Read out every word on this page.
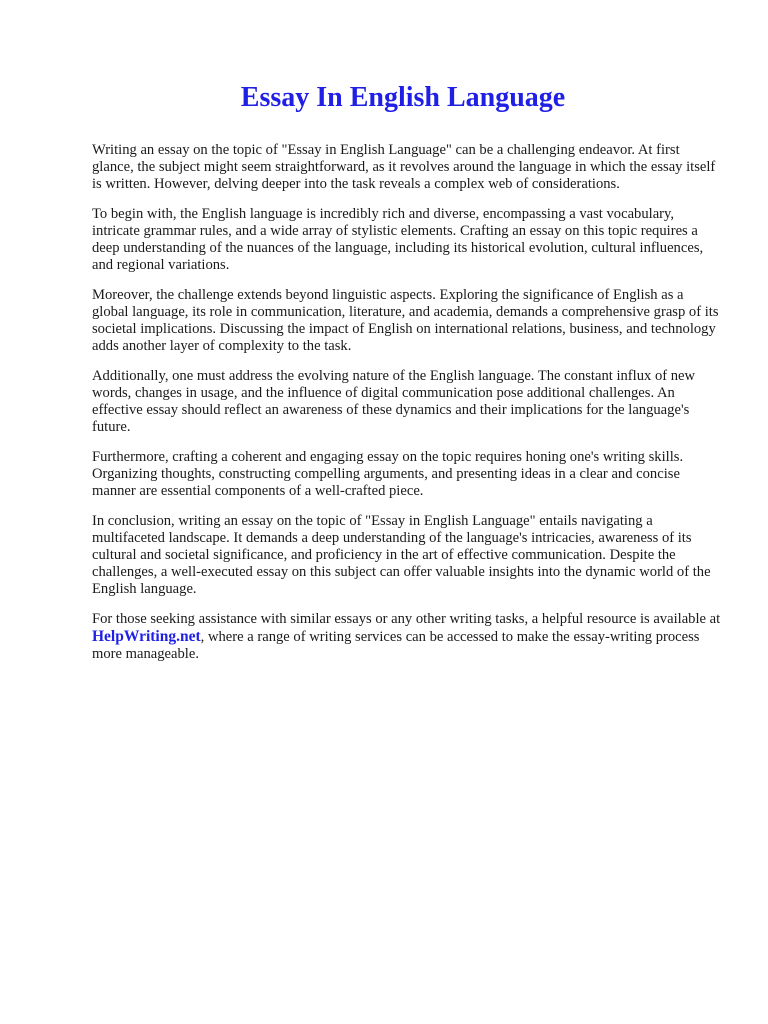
Essay In English Language

Writing an essay on the topic of "Essay in English Language" can be a challenging endeavor. At first glance, the subject might seem straightforward, as it revolves around the language in which the essay itself is written. However, delving deeper into the task reveals a complex web of considerations.

To begin with, the English language is incredibly rich and diverse, encompassing a vast vocabulary, intricate grammar rules, and a wide array of stylistic elements. Crafting an essay on this topic requires a deep understanding of the nuances of the language, including its historical evolution, cultural influences, and regional variations.

Moreover, the challenge extends beyond linguistic aspects. Exploring the significance of English as a global language, its role in communication, literature, and academia, demands a comprehensive grasp of its societal implications. Discussing the impact of English on international relations, business, and technology adds another layer of complexity to the task.

Additionally, one must address the evolving nature of the English language. The constant influx of new words, changes in usage, and the influence of digital communication pose additional challenges. An effective essay should reflect an awareness of these dynamics and their implications for the language's future.

Furthermore, crafting a coherent and engaging essay on the topic requires honing one's writing skills. Organizing thoughts, constructing compelling arguments, and presenting ideas in a clear and concise manner are essential components of a well-crafted piece.

In conclusion, writing an essay on the topic of "Essay in English Language" entails navigating a multifaceted landscape. It demands a deep understanding of the language's intricacies, awareness of its cultural and societal significance, and proficiency in the art of effective communication. Despite the challenges, a well-executed essay on this subject can offer valuable insights into the dynamic world of the English language.

For those seeking assistance with similar essays or any other writing tasks, a helpful resource is available at HelpWriting.net, where a range of writing services can be accessed to make the essay-writing process more manageable.
